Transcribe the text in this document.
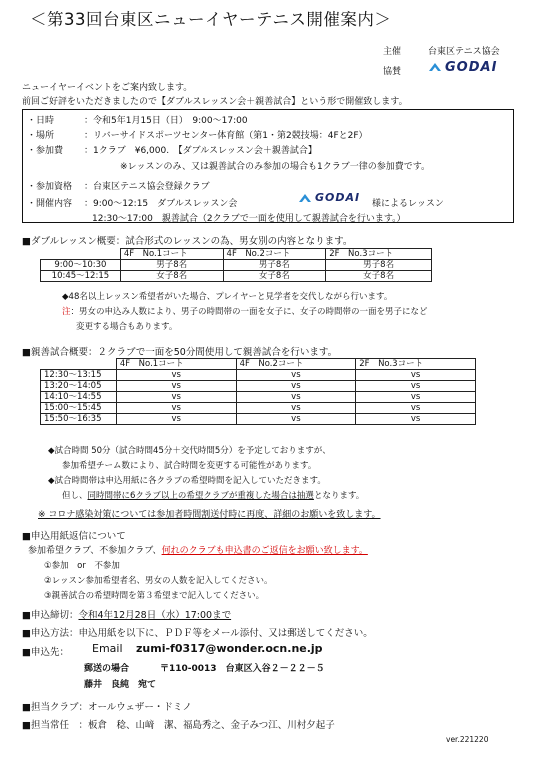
＜第33回台東区ニューイヤーテニス開催案内＞
主催	台東区テニス協会
協賛	GODAI
ニューイヤーイベントをご案内致します。
前回ご好評をいただきましたので【ダブルスレッスン会＋親善試合】という形で開催致します。
・日時	：令和5年1月15日（日）　9:00～17:00
・場所	：リバーサイドスポーツセンター体育館（第1・第2競技場：4Fと2F）
・参加費 ：1クラブ　¥6,000.　【ダブルスレッスン会＋親善試合】
※レッスンのみ、又は親善試合のみ参加の場合も1クラブ一律の参加費です。
・参加資格 ：台東区テニス協会登録クラブ
・開催内容 ：9:00～12:15　ダブルスレッスン会	GODAI 様によるレッスン
12:30～17:00　親善試合（2クラブで一面を使用して親善試合を行います。）
■ダブルレッスン概要：試合形式のレッスンの為、男女別の内容となります。
	4F　No.1コート	4F　No.2コート	2F　No.3コート
9:00～10:30	男子8名	男子8名	男子8名
10:45～12:15	女子8名	女子8名	女子8名
◆48名以上レッスン希望者がいた場合、プレイヤーと見学者を交代しながら行います。
注：男女の申込み人数により、男子の時間帯の一面を女子に、女子の時間帯の一面を男子になど
変更する場合もあります。
■親善試合概要：２クラブで一面を50分間使用して親善試合を行います。
	4F　No.1コート	4F　No.2コート	2F　No.3コート
12:30～13:15	vs	vs	vs
13:20～14:05	vs	vs	vs
14:10～14:55	vs	vs	vs
15:00～15:45	vs	vs	vs
15:50～16:35	vs	vs	vs
◆試合時間 50分（試合時間45分＋交代時間5分）を予定しておりますが、
参加希望チーム数により、試合時間を変更する可能性があります。
◆試合時間帯は申込用紙に各クラブの希望時間を記入していただきます。
但し、同時間帯に6クラブ以上の希望クラブが重複した場合は抽選となります。
※ コロナ感染対策については参加者時間割送付時に再度、詳細のお願いを致します。
■申込用紙返信について
参加希望クラブ、不参加クラブ、何れのクラブも申込書のご返信をお願い致します。
①参加　or　不参加
②レッスン参加希望者名、男女の人数を記入してください。
③親善試合の希望時間を第３希望まで記入してください。
■申込締切：令和4年12月28日（水）17:00まで
■申込方法：申込用紙を以下に、ＰＤＦ等をメール添付、又は郵送してください。
■申込先： Email zumi-f0317@wonder.ocn.ne.jp
郵送の場合	〒110-0013　台東区入谷２－２２－５
藤井　良純　宛て
■担当クラブ：オールウェザー・ドミノ
■担当常任　：板倉　稔、山﨑　潔、福島秀之、金子みつ江、川村夕起子
ver.221220
